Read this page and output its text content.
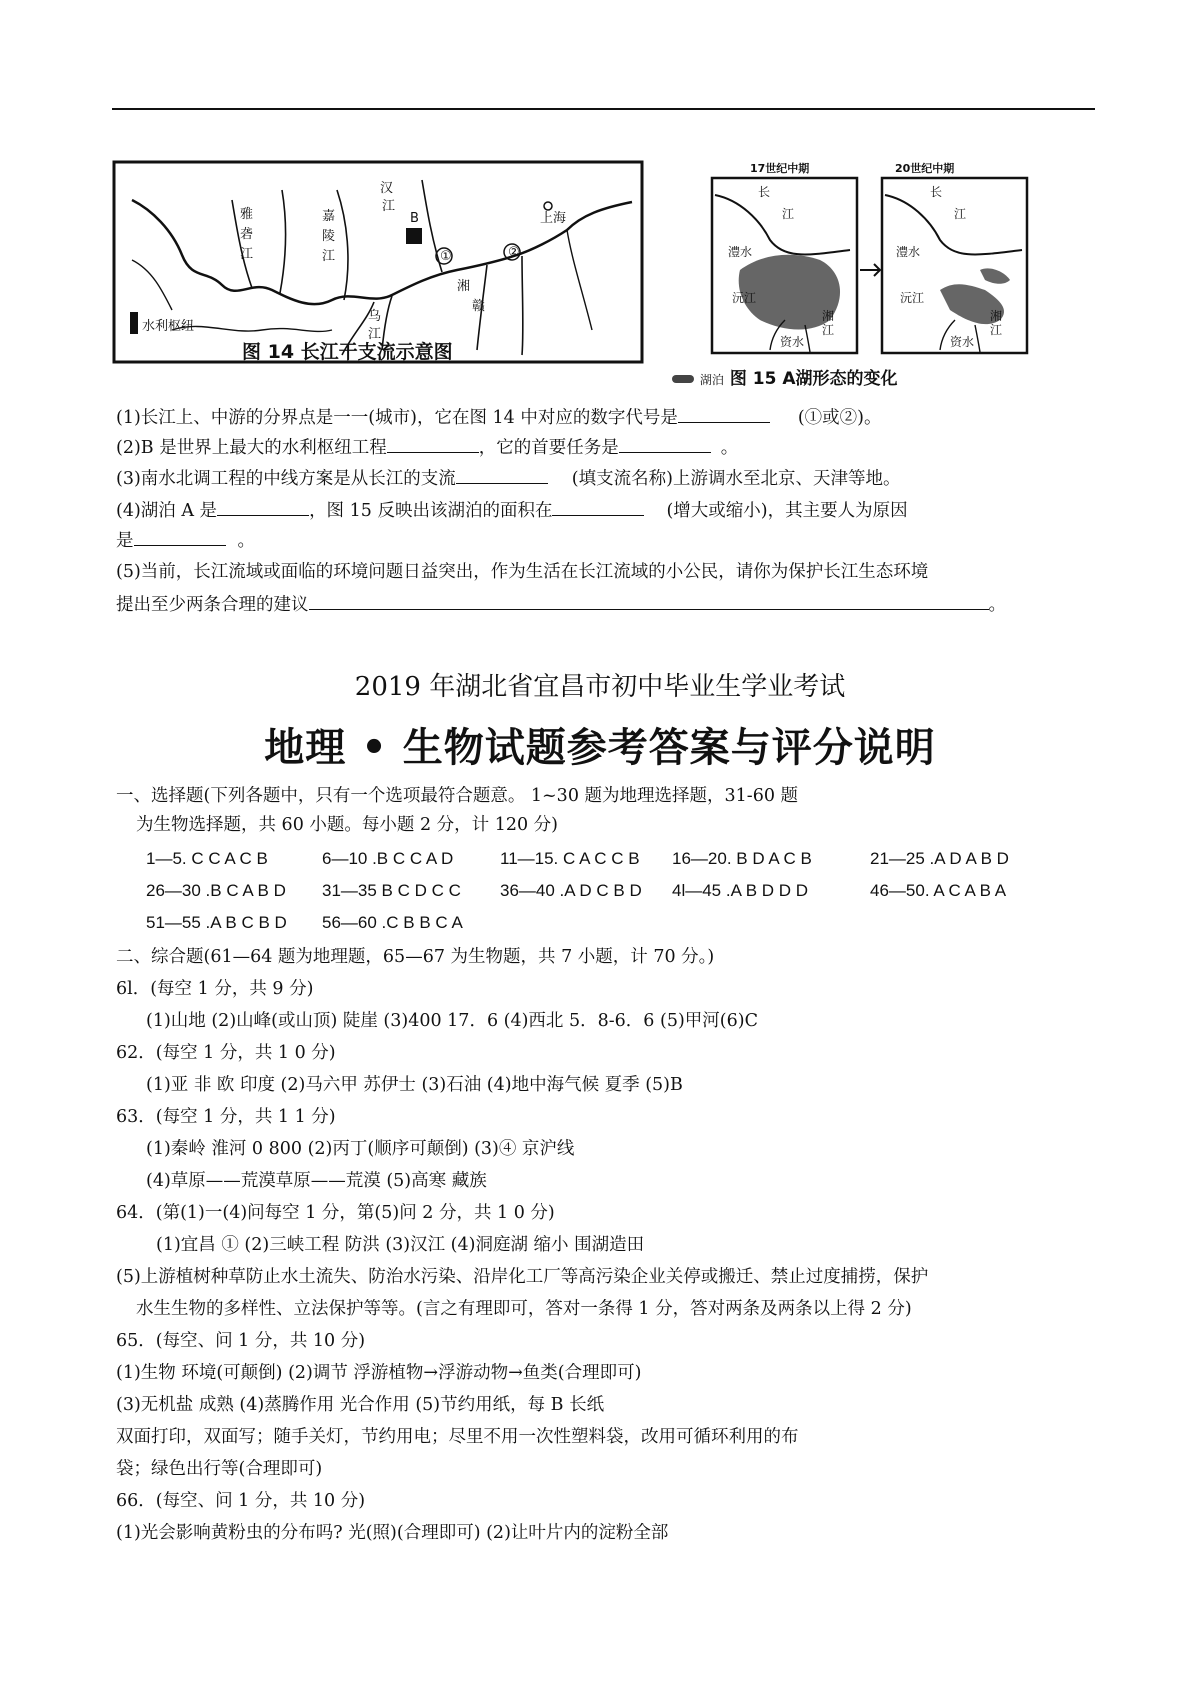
汉
江
B
①	②
上海
湘
赣
乌
江
雅
砻
江
嘉
陵
江
水利枢纽
图 14 长江干支流示意图
17世纪中期	20世纪中期
长
江
湘
江
沅江
资水
澧水
长
江
澧水
沅江
湘
江
资水
湖泊 图 15 A湖形态的变化
(1)长江上、中游的分界点是一一(城市)，它在图 14 中对应的数字代号是	(①或②)。
(2)B 是世界上最大的水利枢纽工程	，它的首要任务是	。
(3)南水北调工程的中线方案是从长江的支流	(填支流名称)上游调水至北京、天津等地。
(4)湖泊 A 是	，图 15 反映出该湖泊的面积在	(增大或缩小)，其主要人为原因
是	。
(5)当前，长江流域或面临的环境问题日益突出，作为生活在长江流域的小公民，请你为保护长江生态环境
提出至少两条合理的建议	。
2019 年湖北省宜昌市初中毕业生学业考试
地理 • 生物试题参考答案与评分说明
一、选择题(下列各题中，只有一个选项最符合题意。 1~30 题为地理选择题，31-60 题
为生物选择题，共 60 小题。每小题 2 分，计 120 分)
1—5. C C A C B	6—10 .B C C A D	11—15. C A C C B 16—20. B D A C B	21—25 .A D A B D
26—30 .B C A B D 31—35 B C D C C 36—40 .A D C B D 4l—45 .A B D D D	46—50. A C A B A
51—55 .A B C B D 56—60 .C B B C A
二、综合题(61—64 题为地理题，65—67 为生物题，共 7 小题，计 70 分。)
6l．(每空 1 分，共 9 分)
(1)山地 (2)山峰(或山顶) 陡崖 (3)400 17．6 (4)西北 5．8-6．6 (5)甲河(6)C
62．(每空 1 分，共 1 0 分)
(1)亚 非 欧 印度 (2)马六甲 苏伊士 (3)石油 (4)地中海气候 夏季 (5)B
63．(每空 1 分，共 1 1 分)
(1)秦岭 淮河 0 800 (2)丙丁(顺序可颠倒) (3)④ 京沪线
(4)草原——荒漠草原——荒漠 (5)高寒 藏族
64．(第(1)一(4)问每空 1 分，第(5)问 2 分，共 1 0 分)
(1)宜昌 ① (2)三峡工程 防洪 (3)汉江 (4)洞庭湖 缩小 围湖造田
(5)上游植树种草防止水土流失、防治水污染、沿岸化工厂等高污染企业关停或搬迁、禁止过度捕捞，保护
水生生物的多样性、立法保护等等。(言之有理即可，答对一条得 1 分，答对两条及两条以上得 2 分)
65．(每空、问 1 分，共 10 分)
(1)生物 环境(可颠倒) (2)调节 浮游植物→浮游动物→鱼类(合理即可)
(3)无机盐 成熟 (4)蒸腾作用 光合作用 (5)节约用纸，每 B 长纸
双面打印，双面写；随手关灯，节约用电；尽里不用一次性塑料袋，改用可循环利用的布
袋；绿色出行等(合理即可)
66．(每空、问 1 分，共 10 分)
(1)光会影响黄粉虫的分布吗? 光(照)(合理即可) (2)让叶片内的淀粉全部
